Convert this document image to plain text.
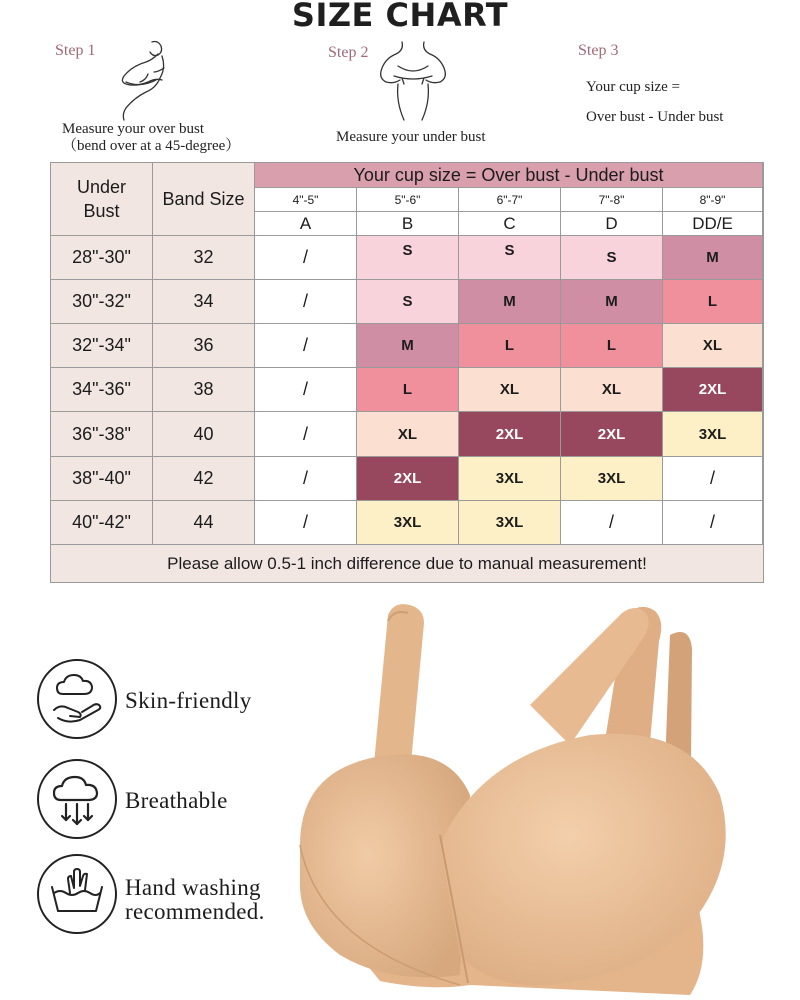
SIZE CHART
Step 1
Measure your over bust
（bend over at a 45-degree）
Step 2
Measure your under bust
Step 3
Your cup size =
Over bust - Under bust
Under
Bust
Band Size
Your cup size = Over bust - Under bust
4"-5"	5"-6"	6"-7"	7"-8"	8"-9"
A	B	C	D	DD/E
28"-30"	32	/	S	S	S	M
30"-32"	34	/	S	M	M	L
32"-34"	36	/	M	L	L	XL
34"-36"	38	/	L	XL	XL	2XL
36"-38"	40	/	XL	2XL	2XL	3XL
38"-40"	42	/	2XL	3XL	3XL	/
40"-42"	44	/	3XL	3XL	/	/
Please allow 0.5-1 inch difference due to manual measurement!
Skin-friendly
Breathable
Hand washing
recommended.
